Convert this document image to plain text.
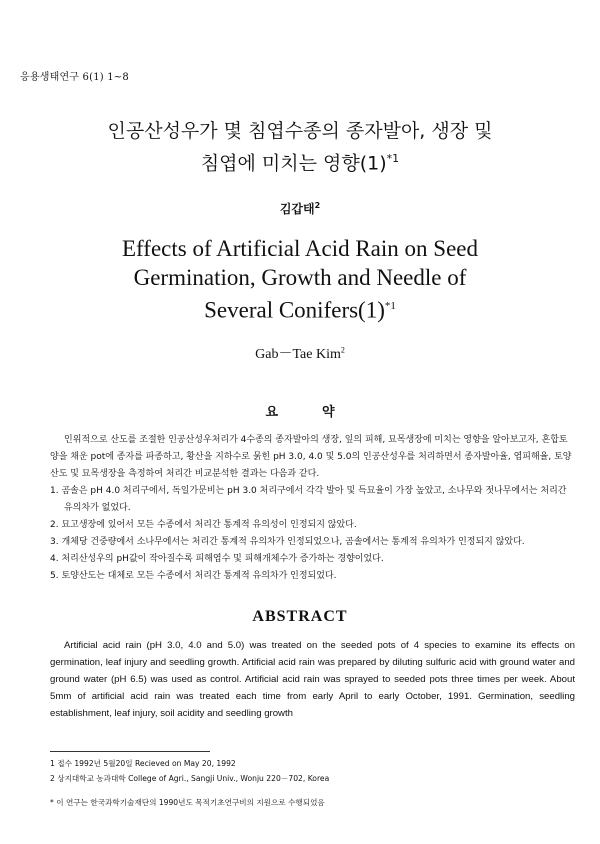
응용생태연구 6(1) 1~8
인공산성우가 몇 침엽수종의 종자발아, 생장 및
침엽에 미치는 영향$(1)^{*1}$
김갑태$^2$
Effects of Artificial Acid Rain on Seed
Germination, Growth and Needle of
Several $Conifers(1)^{*1}$
Gab－Tae Kim$^2$
요약

인위적으로 산도를 조절한 인공산성우처리가 4수종의 종자발아의 생장, 잎의 피해, 묘목생장에 미치는 영향을 알아보고자, 혼합토양을 채운 pot에 종자를 파종하고, 황산을 지하수로 묽힌 pH 3.0, 4.0 및 5.0의 인공산성우를 처리하면서 종자발아율, 엽피해율, 토양산도 및 묘목생장을 측정하여 처리간 비교분석한 결과는 다음과 같다.

1. 곰솔은 pH 4.0 처리구에서, 독일가문비는 pH 3.0 처리구에서 각각 발아 및 득묘율이 가장 높았고, 소나무와 젓나무에서는 처리간 유의차가 없었다.

2. 묘고생장에 있어서 모든 수종에서 처리간 통계적 유의성이 인정되지 않았다.

3. 개체당 건중량에서 소나무에서는 처리간 통계적 유의차가 인정되었으나, 곰솔에서는 통계적 유의차가 인정되지 않았다.

4. 처리산성우의 pH값이 작아질수록 피해엽수 및 피해개체수가 증가하는 경향이었다.

5. 토양산도는 대체로 모든 수종에서 처리간 통계적 유의차가 인정되었다.

ABSTRACT

Artificial acid rain (pH 3.0, 4.0 and 5.0) was treated on the seeded pots of 4 species to examine its effects on germination, leaf injury and seedling growth. Artificial acid rain was prepared by diluting sulfuric acid with ground water and ground water (pH 6.5) was used as control. Artificial acid rain was sprayed to seeded pots three times per week. About 5mm of artificial acid rain was treated each time from early April to early October, 1991. Germination, seedling establishment, leaf injury, soil acidity and seedling growth

1 접수 1992년 5월20일 Recieved on May 20, 1992
2 상지대학교 농과대학 College of Agri., Sangji Univ., Wonju 220－702, Korea
* 이 연구는 한국과학기술재단의 1990년도 목적기초연구비의 지원으로 수행되었음
